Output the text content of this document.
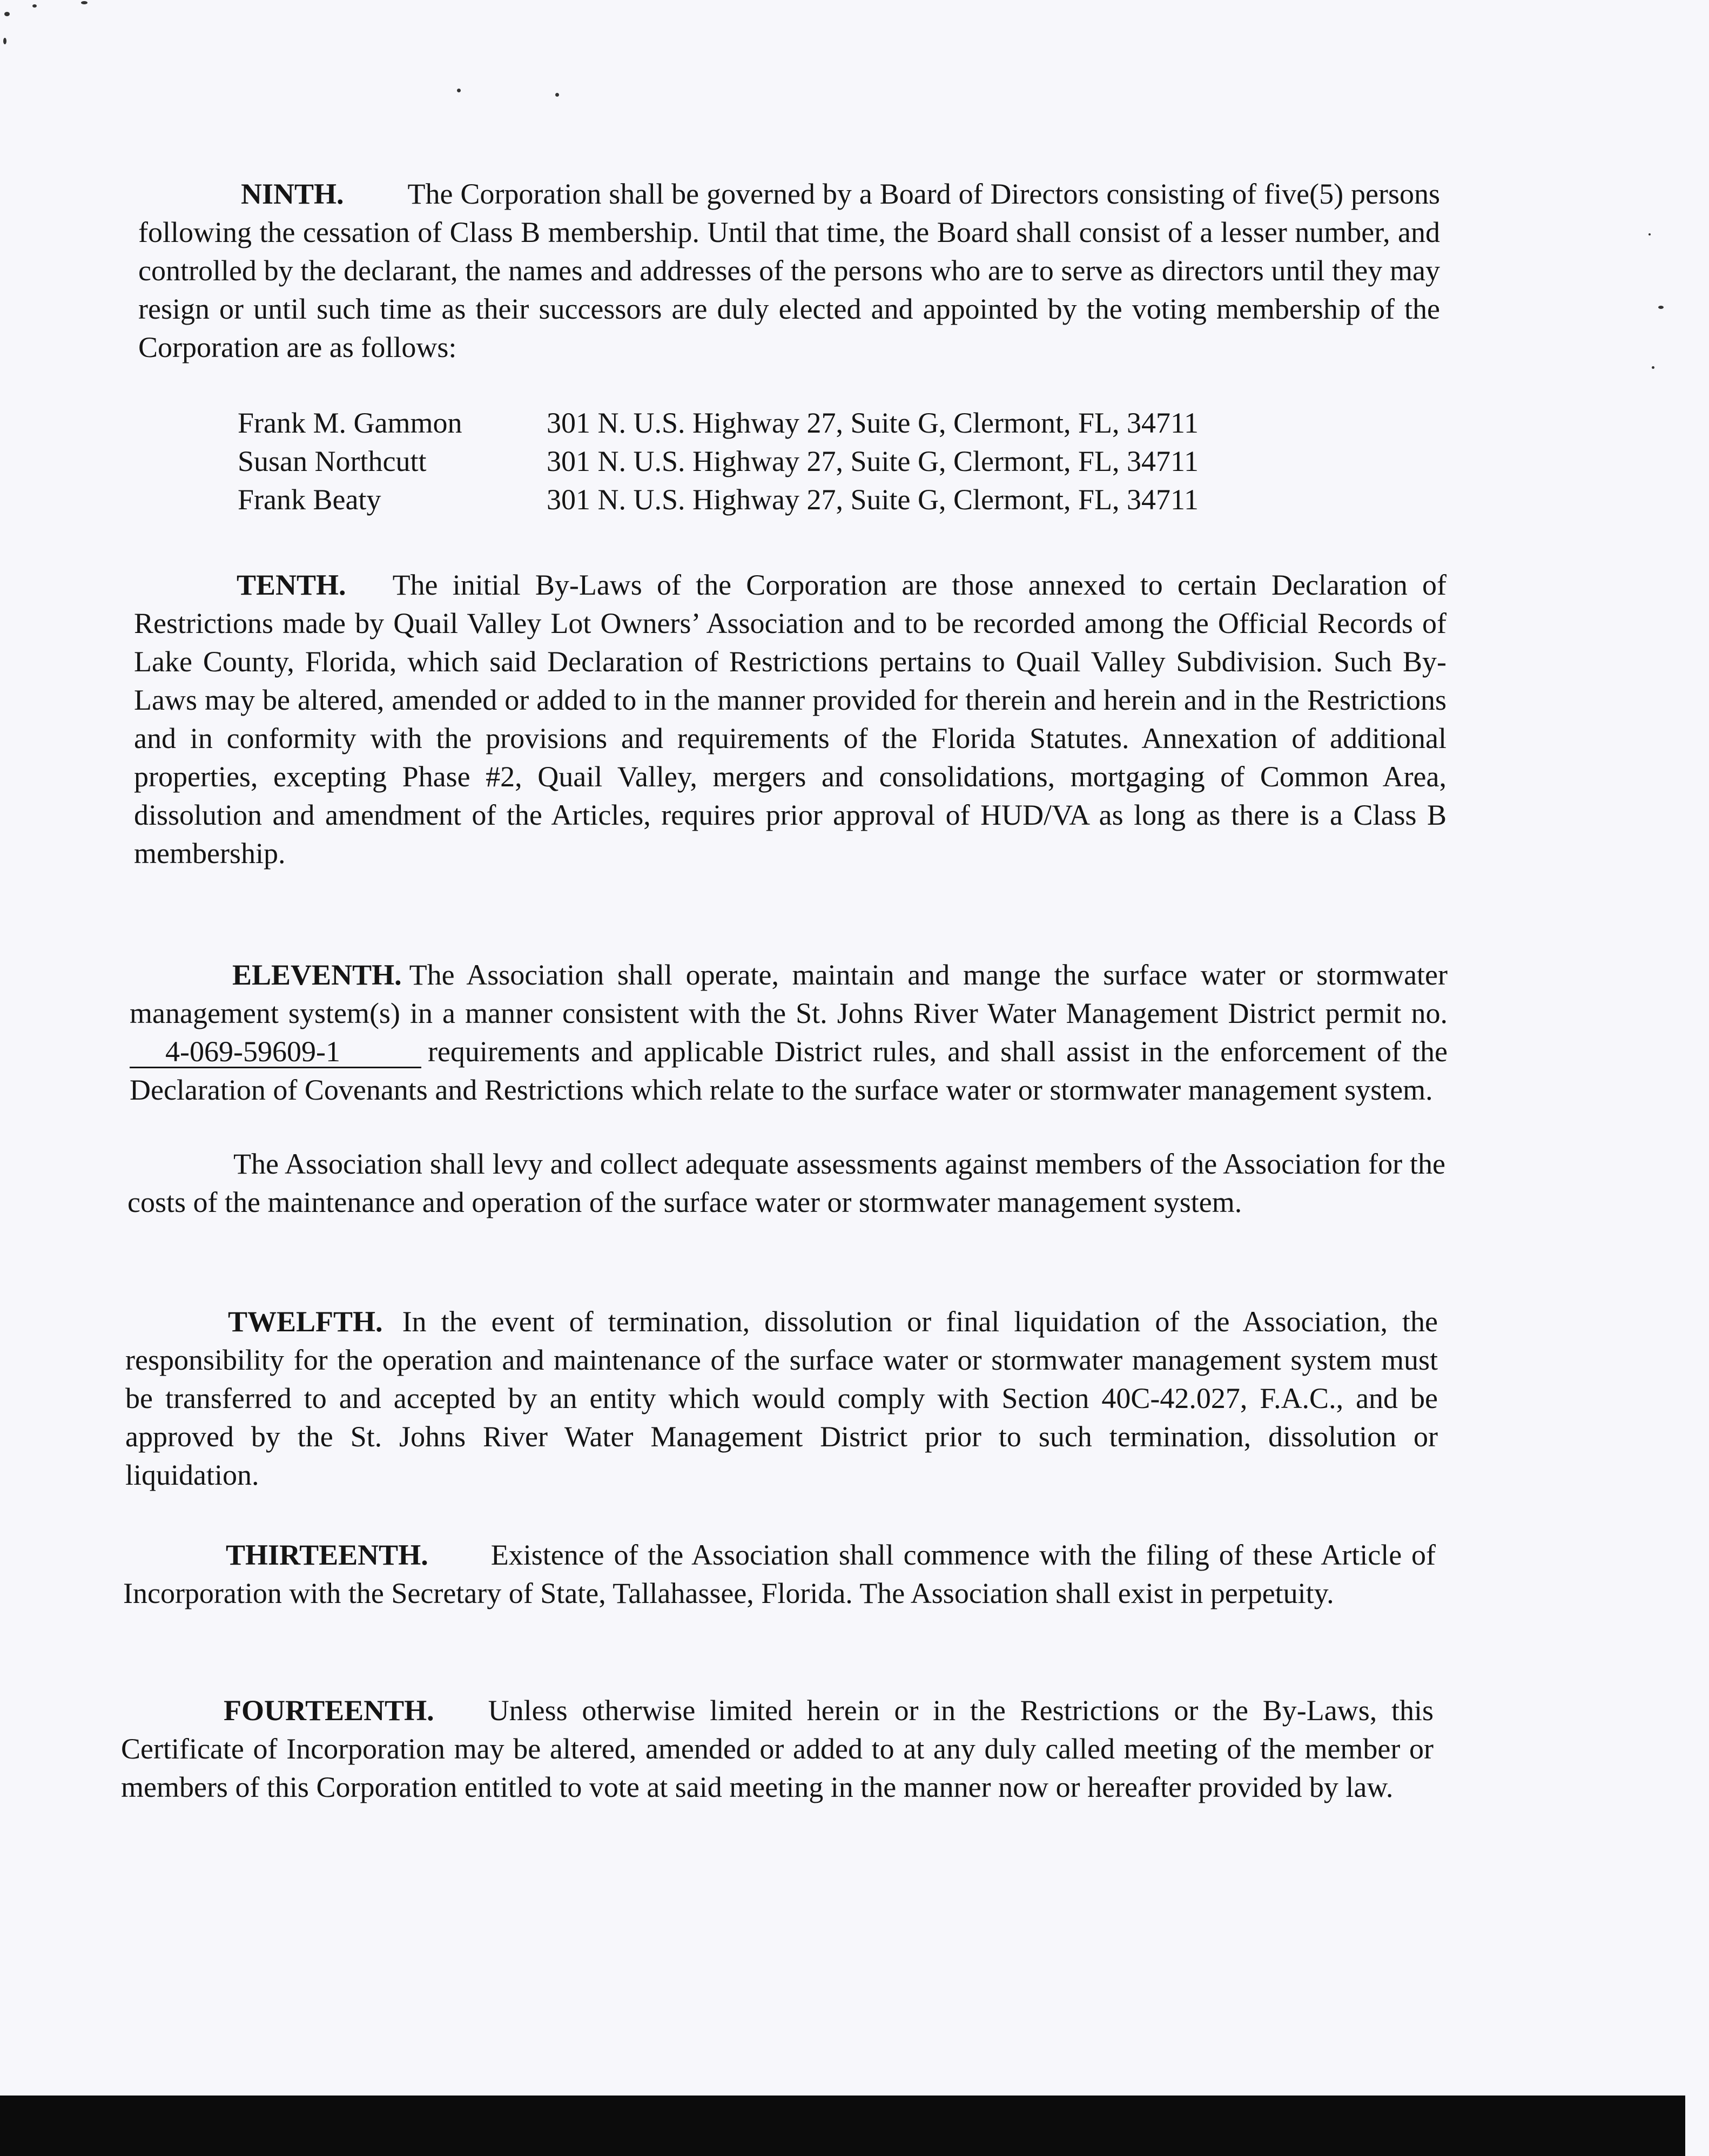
NINTH. The Corporation shall be governed by a Board of Directors consisting of five(5) persons following the cessation of Class B membership. Until that time, the Board shall consist of a lesser number, and controlled by the declarant, the names and addresses of the persons who are to serve as directors until they may resign or until such time as their successors are duly elected and appointed by the voting membership of the Corporation are as follows:
Frank M. Gammon	301 N. U.S. Highway 27, Suite G, Clermont, FL, 34711
Susan Northcutt	301 N. U.S. Highway 27, Suite G, Clermont, FL, 34711
Frank Beaty	301 N. U.S. Highway 27, Suite G, Clermont, FL, 34711
TENTH. The initial By-Laws of the Corporation are those annexed to certain Declaration of Restrictions made by Quail Valley Lot Owners’ Association and to be recorded among the Official Records of Lake County, Florida, which said Declaration of Restrictions pertains to Quail Valley Subdivision. Such By-Laws may be altered, amended or added to in the manner provided for therein and herein and in the Restrictions and in conformity with the provisions and requirements of the Florida Statutes. Annexation of additional properties, excepting Phase #2, Quail Valley, mergers and consolidations, mortgaging of Common Area, dissolution and amendment of the Articles, requires prior approval of HUD/VA as long as there is a Class B membership.
ELEVENTH. The Association shall operate, maintain and mange the surface water or stormwater management system(s) in a manner consistent with the St. Johns River Water Management District permit no. 4-069-59609-1	requirements and applicable District rules, and shall assist in the enforcement of the Declaration of Covenants and Restrictions which relate to the surface water or stormwater management system.
The Association shall levy and collect adequate assessments against members of the Association for the costs of the maintenance and operation of the surface water or stormwater management system.
TWELFTH. In the event of termination, dissolution or final liquidation of the Association, the responsibility for the operation and maintenance of the surface water or stormwater management system must be transferred to and accepted by an entity which would comply with Section 40C-42.027, F.A.C., and be approved by the St. Johns River Water Management District prior to such termination, dissolution or liquidation.
THIRTEENTH. Existence of the Association shall commence with the filing of these Article of Incorporation with the Secretary of State, Tallahassee, Florida. The Association shall exist in perpetuity.
FOURTEENTH. Unless otherwise limited herein or in the Restrictions or the By-Laws, this Certificate of Incorporation may be altered, amended or added to at any duly called meeting of the member or members of this Corporation entitled to vote at said meeting in the manner now or hereafter provided by law.
